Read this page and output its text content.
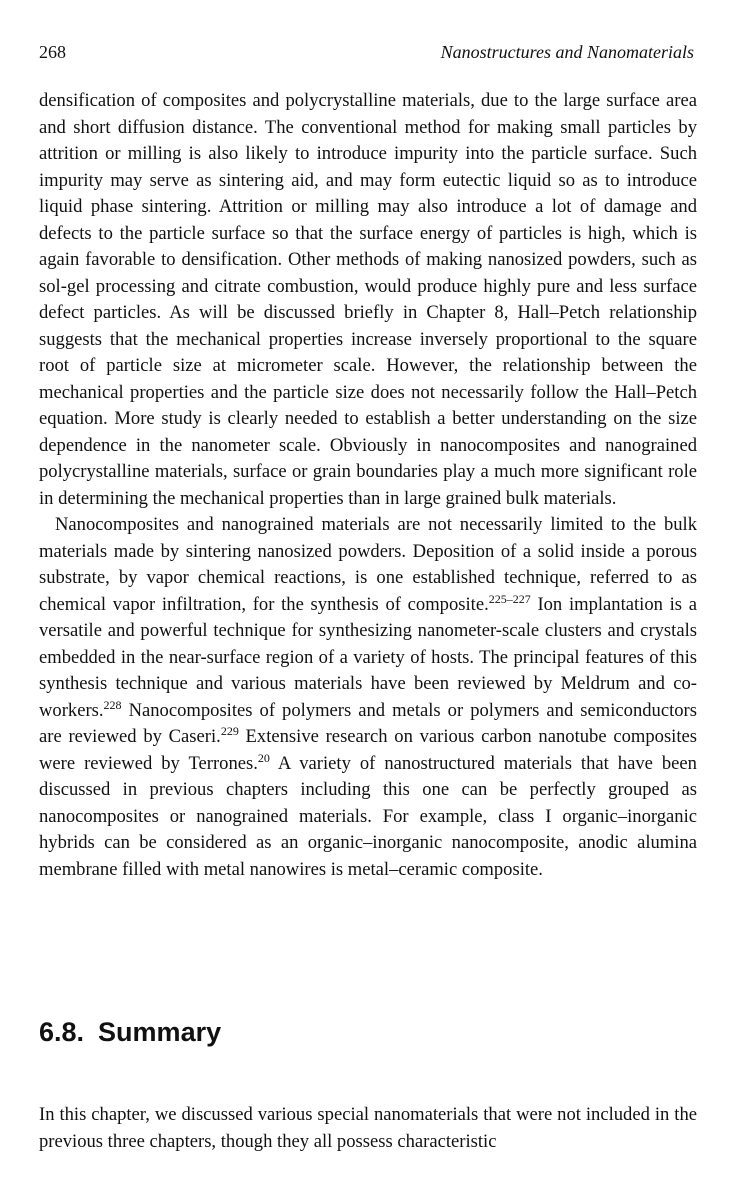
268	Nanostructures and Nanomaterials

densification of composites and polycrystalline materials, due to the large surface area and short diffusion distance. The conventional method for making small particles by attrition or milling is also likely to introduce impurity into the particle surface. Such impurity may serve as sintering aid, and may form eutectic liquid so as to introduce liquid phase sintering. Attrition or milling may also introduce a lot of damage and defects to the particle surface so that the surface energy of particles is high, which is again favorable to densification. Other methods of making nanosized powders, such as sol-gel processing and citrate combustion, would produce highly pure and less surface defect particles. As will be discussed briefly in Chapter 8, Hall–Petch relationship suggests that the mechanical properties increase inversely proportional to the square root of particle size at micrometer scale. However, the relationship between the mechanical properties and the particle size does not necessarily follow the Hall–Petch equation. More study is clearly needed to establish a better understanding on the size dependence in the nanometer scale. Obviously in nanocomposites and nanograined polycrystalline materials, surface or grain boundaries play a much more significant role in determining the mechanical properties than in large grained bulk materials.

Nanocomposites and nanograined materials are not necessarily limited to the bulk materials made by sintering nanosized powders. Deposition of a solid inside a porous substrate, by vapor chemical reactions, is one established technique, referred to as chemical vapor infiltration, for the synthesis of composite.$^{225-227}$ Ion implantation is a versatile and powerful technique for synthesizing nanometer-scale clusters and crystals embedded in the near-surface region of a variety of hosts. The principal features of this synthesis technique and various materials have been reviewed by Meldrum and co-workers.$^{228}$ Nanocomposites of polymers and metals or polymers and semiconductors are reviewed by Caseri.$^{229}$ Extensive research on various carbon nanotube composites were reviewed by Terrones.$^{20}$ A variety of nanostructured materials that have been discussed in previous chapters including this one can be perfectly grouped as nanocomposites or nanograined materials. For example, class I organic–inorganic hybrids can be considered as an organic–inorganic nanocomposite, anodic alumina membrane filled with metal nanowires is metal–ceramic composite.

6.8. Summary

In this chapter, we discussed various special nanomaterials that were not included in the previous three chapters, though they all possess characteristic
